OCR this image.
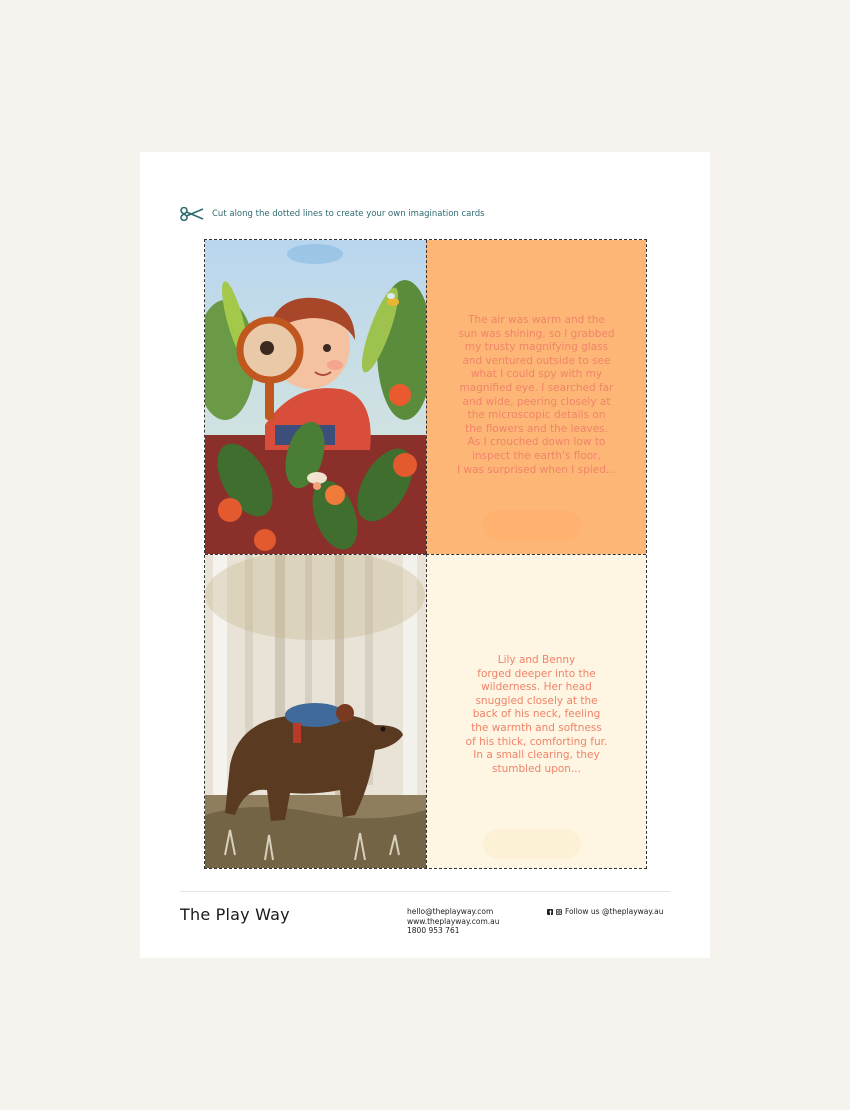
Cut along the dotted lines to create your own imagination cards
The air was warm and the
sun was shining, so I grabbed
my trusty magnifying glass
and ventured outside to see
what I could spy with my
magnified eye. I searched far
and wide, peering closely at
the microscopic details on
the flowers and the leaves.
As I crouched down low to
inspect the earth's floor,
I was surprised when I spied...
Lily and Benny
forged deeper into the
wilderness. Her head
snuggled closely at the
back of his neck, feeling
the warmth and softness
of his thick, comforting fur.
In a small clearing, they
stumbled upon...
The Play Way	hello@theplayway.com
www.theplayway.com.au
1800 953 761
Follow us @theplayway.au
